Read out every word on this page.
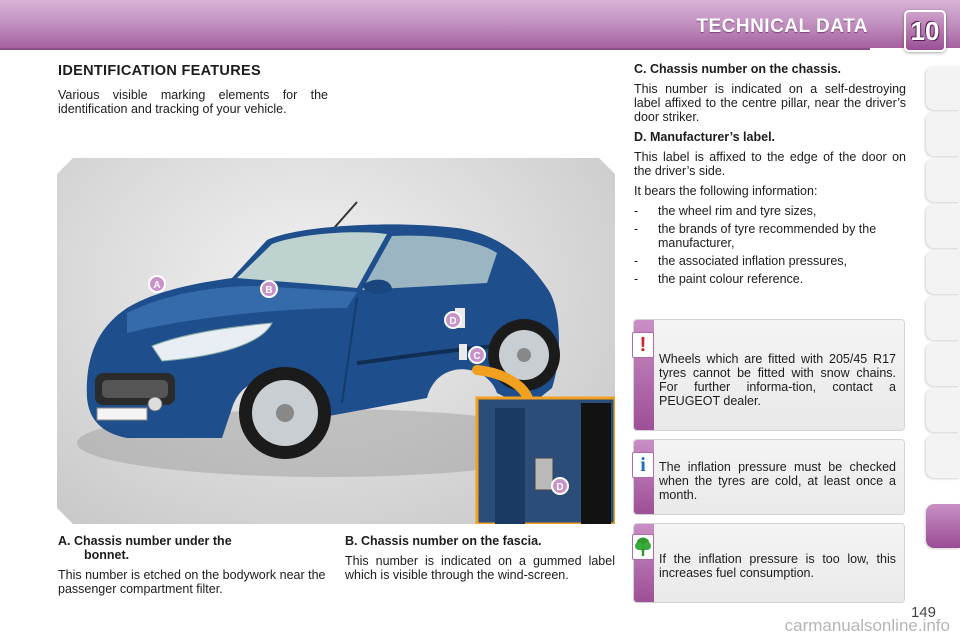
TECHNICAL DATA 10
IDENTIFICATION FEATURES
Various visible marking elements for the identification and tracking of your vehicle.
A	B
C
D
D
A. Chassis number under the
bonnet.

This number is etched on the bodywork near the passenger compartment filter.

B. Chassis number on the fascia.

This number is indicated on a gummed label which is visible through the wind-screen.

C. Chassis number on the chassis.

This number is indicated on a self-destroying label affixed to the centre pillar, near the driver’s door striker.

D. Manufacturer’s label.

This label is affixed to the edge of the door on the driver’s side.

It bears the following information:

- the wheel rim and tyre sizes,
- the brands of tyre recommended by the manufacturer,
- the associated inflation pressures,
- the paint colour reference.
!
Wheels which are fitted with 205/45 R17 tyres cannot be fitted with snow chains. For further informa-tion, contact a PEUGEOT dealer.
i	The inflation pressure must be checked when the tyres are cold, at least once a month.
If the inflation pressure is too low, this increases fuel consumption.
149
carmanualsonline.info
